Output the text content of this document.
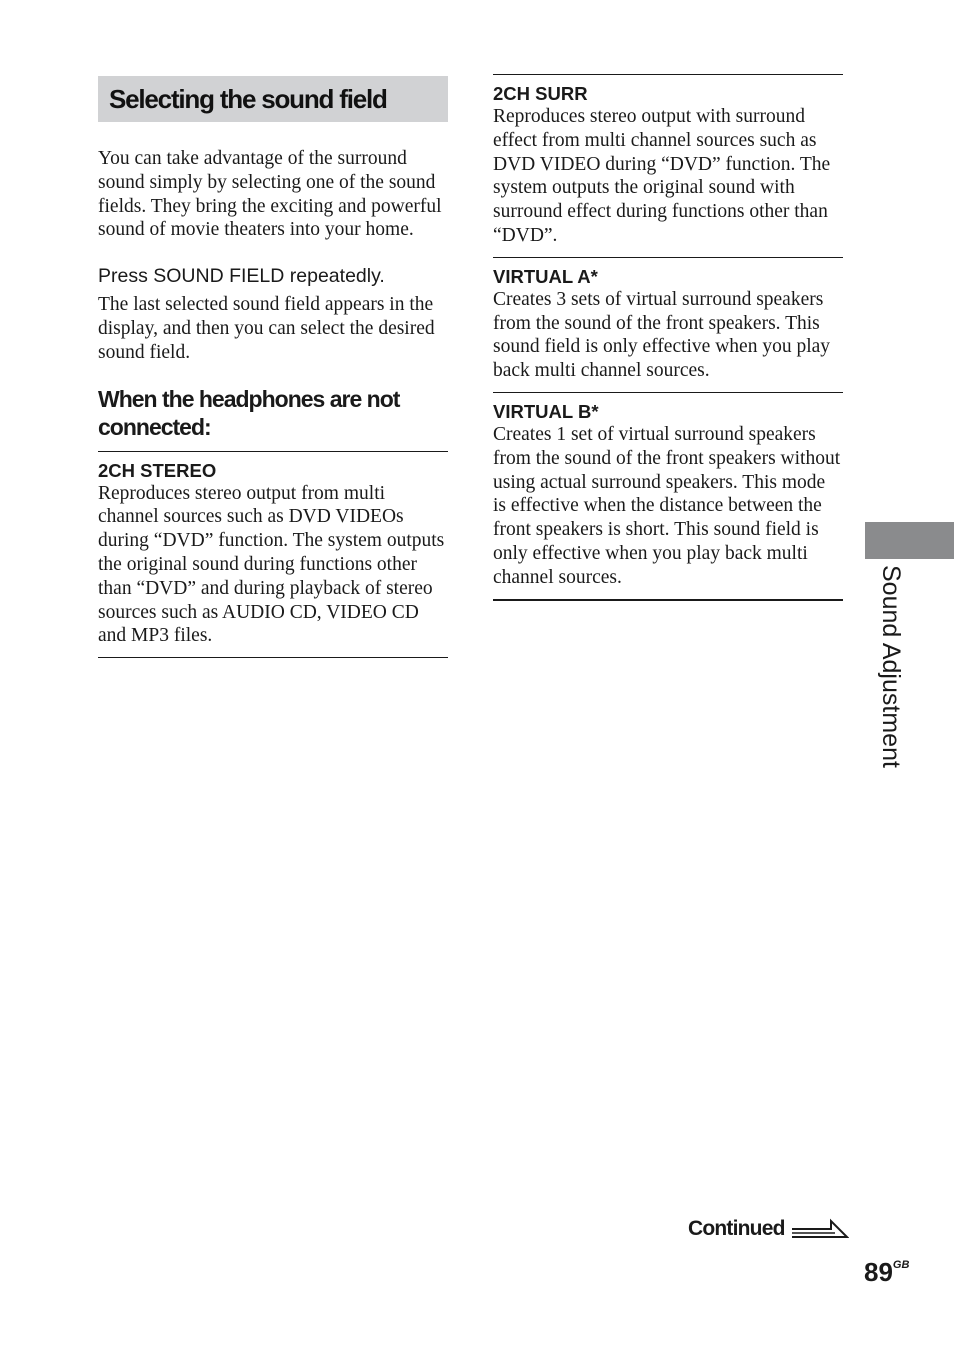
Selecting the sound field
You can take advantage of the surround sound simply by selecting one of the sound fields. They bring the exciting and powerful sound of movie theaters into your home.
Press SOUND FIELD repeatedly.
The last selected sound field appears in the display, and then you can select the desired sound field.
When the headphones are not connected:
2CH STEREO
Reproduces stereo output from multi channel sources such as DVD VIDEOs during “DVD” function. The system outputs the original sound during functions other than “DVD” and during playback of stereo sources such as AUDIO CD, VIDEO CD and MP3 files.
2CH SURR
Reproduces stereo output with surround effect from multi channel sources such as DVD VIDEO during “DVD” function. The system outputs the original sound with surround effect during functions other than “DVD”.
VIRTUAL A*
Creates 3 sets of virtual surround speakers from the sound of the front speakers. This sound field is only effective when you play back multi channel sources.
VIRTUAL B*
Creates 1 set of virtual surround speakers from the sound of the front speakers without using actual surround speakers. This mode is effective when the distance between the front speakers is short. This sound field is only effective when you play back multi channel sources.	Sound Adjustment
Continued
$89^{GB}$
